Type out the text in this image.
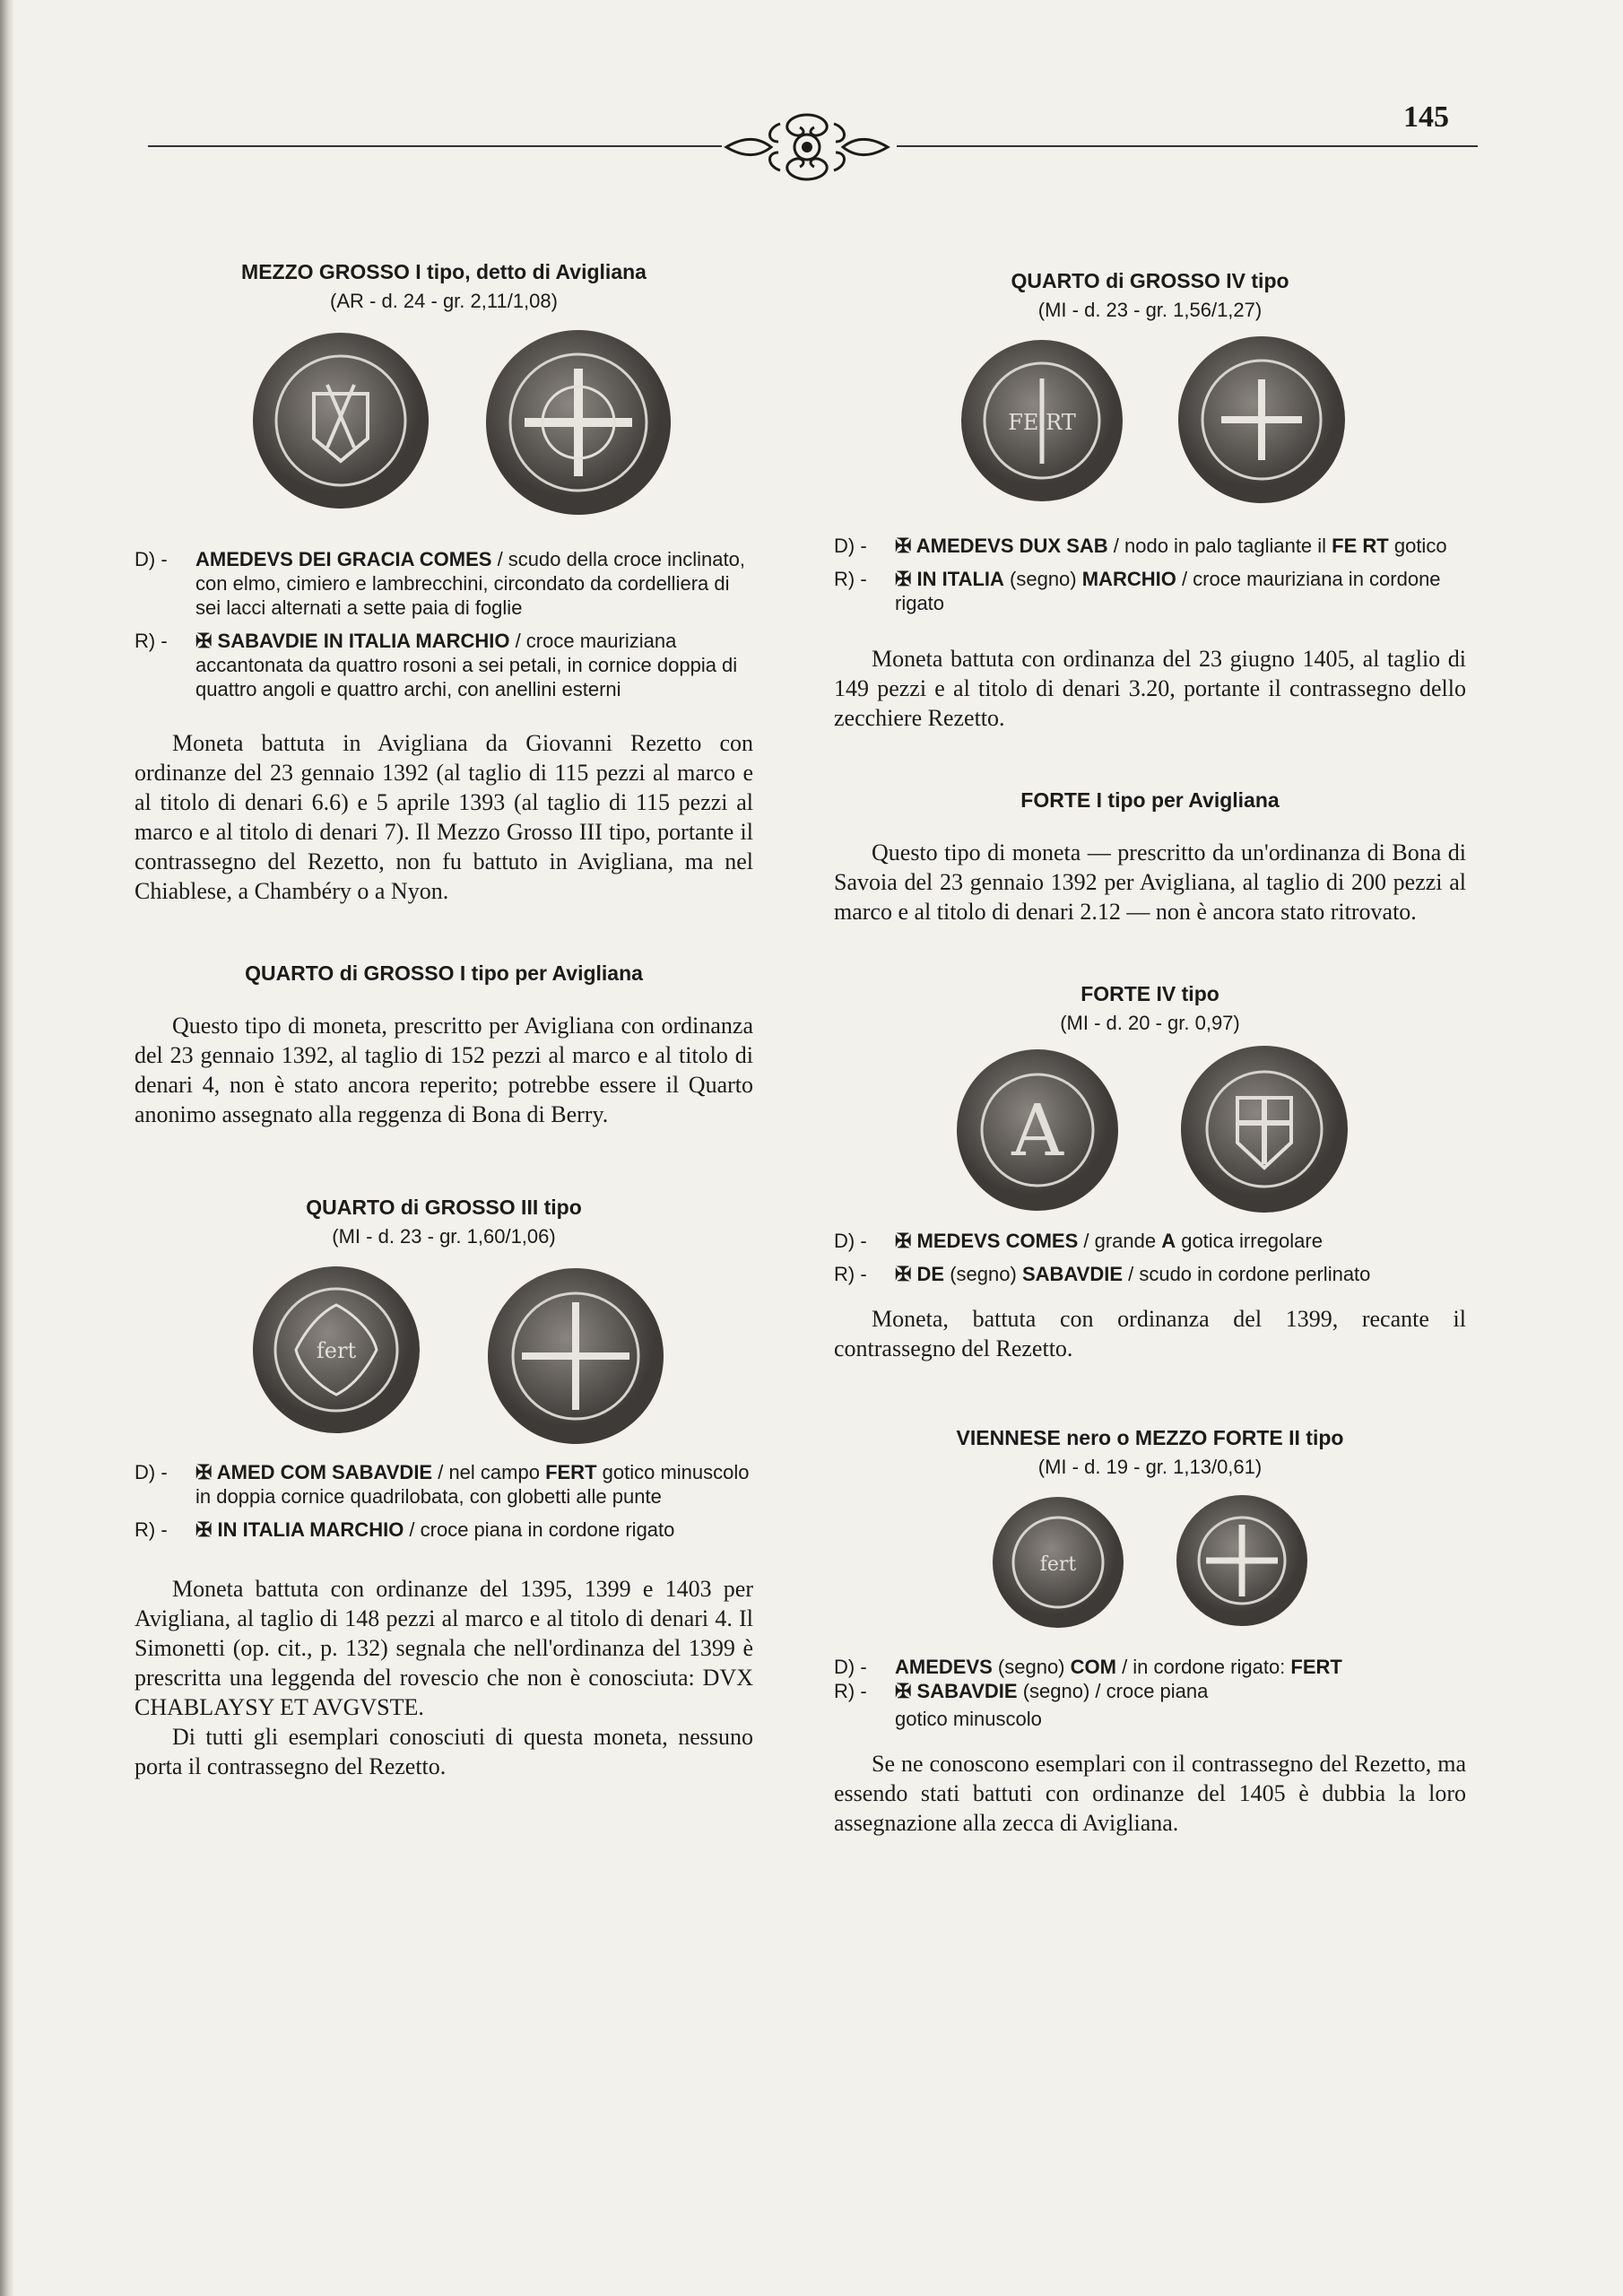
145
MEZZO GROSSO I tipo, detto di Avigliana
(AR - d. 24 - gr. 2,11/1,08)
D) - AMEDEVS DEI GRACIA COMES / scudo della croce inclinato, con elmo, cimiero e lambrecchini, circondato da cordelliera di sei lacci alternati a sette paia di foglie
R) - ✠ SABAVDIE IN ITALIA MARCHIO / croce mauriziana accantonata da quattro rosoni a sei petali, in cornice doppia di quattro angoli e quattro archi, con anellini esterni

Moneta battuta in Avigliana da Giovanni Rezetto con ordinanze del 23 gennaio 1392 (al taglio di 115 pezzi al marco e al titolo di denari 6.6) e 5 aprile 1393 (al taglio di 115 pezzi al marco e al titolo di denari 7). Il Mezzo Grosso III tipo, portante il contrassegno del Rezetto, non fu battuto in Avigliana, ma nel Chiablese, a Chambéry o a Nyon.

QUARTO di GROSSO I tipo per Avigliana

Questo tipo di moneta, prescritto per Avigliana con ordinanza del 23 gennaio 1392, al taglio di 152 pezzi al marco e al titolo di denari 4, non è stato ancora reperito; potrebbe essere il Quarto anonimo assegnato alla reggenza di Bona di Berry.

QUARTO di GROSSO III tipo
(MI - d. 23 - gr. 1,60/1,06)
fert
D) - ✠ AMED COM SABAVDIE / nel campo FERT gotico minuscolo in doppia cornice quadrilobata, con globetti alle punte
R) - ✠ IN ITALIA MARCHIO / croce piana in cordone rigato

Moneta battuta con ordinanze del 1395, 1399 e 1403 per Avigliana, al taglio di 148 pezzi al marco e al titolo di denari 4. Il Simonetti (op. cit., p. 132) segnala che nell'ordinanza del 1399 è prescritta una leggenda del rovescio che non è conosciuta: DVX CHABLAYSY ET AVGVSTE.

Di tutti gli esemplari conosciuti di questa moneta, nessuno porta il contrassegno del Rezetto.

QUARTO di GROSSO IV tipo
(MI - d. 23 - gr. 1,56/1,27)
FE RT
D) - ✠ AMEDEVS DUX SAB / nodo in palo tagliante il FE RT gotico
R) - ✠ IN ITALIA (segno) MARCHIO / croce mauriziana in cordone rigato

Moneta battuta con ordinanza del 23 giugno 1405, al taglio di 149 pezzi e al titolo di denari 3.20, portante il contrassegno dello zecchiere Rezetto.

FORTE I tipo per Avigliana

Questo tipo di moneta — prescritto da un'ordinanza di Bona di Savoia del 23 gennaio 1392 per Avigliana, al taglio di 200 pezzi al marco e al titolo di denari 2.12 — non è ancora stato ritrovato.

FORTE IV tipo
(MI - d. 20 - gr. 0,97)
A
D) - ✠ MEDEVS COMES / grande A gotica irregolare
R) - ✠ DE (segno) SABAVDIE / scudo in cordone perlinato

Moneta, battuta con ordinanza del 1399, recante il contrassegno del Rezetto.

VIENNESE nero o MEZZO FORTE II tipo
(MI - d. 19 - gr. 1,13/0,61)
fert
D) - AMEDEVS (segno) COM / in cordone rigato: FERT
R) - ✠ SABAVDIE (segno) / croce piana
gotico minuscolo

Se ne conoscono esemplari con il contrassegno del Rezetto, ma essendo stati battuti con ordinanze del 1405 è dubbia la loro assegnazione alla zecca di Avigliana.
